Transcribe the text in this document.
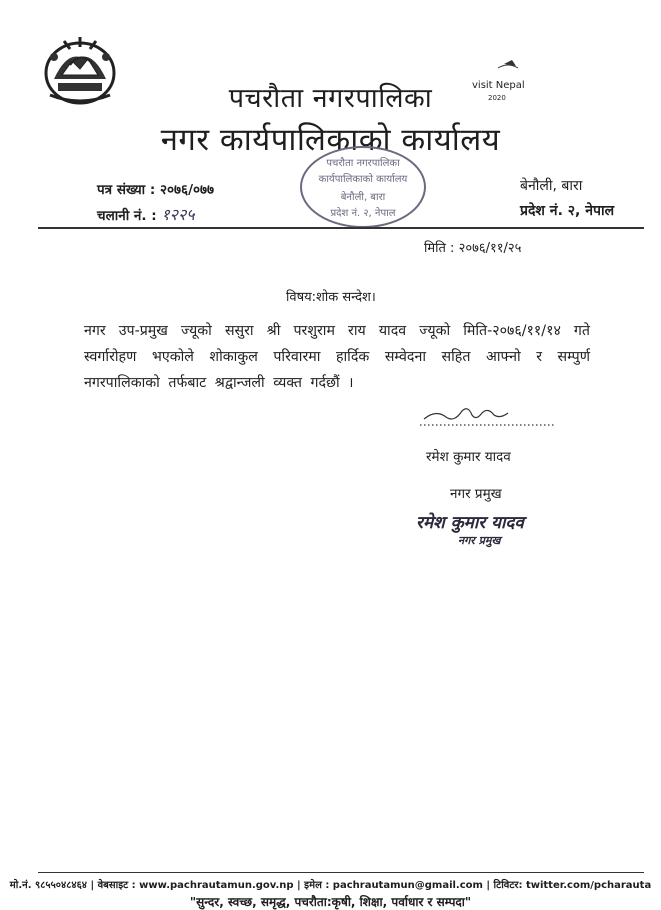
visit Nepal
2020
पचरौता नगरपालिका
नगर कार्यपालिकाको कार्यालय
पचरौता नगरपालिका
कार्यपालिकाको कार्यालय
बेनौली, बारा
प्रदेश नं. २, नेपाल
पत्र संख्या : २०७६/०७७
चलानी नं. : १२२५
बेनौली, बारा
प्रदेश नं. २, नेपाल
मिति : २०७६/११/२५
विषय:शोक सन्देश।
नगर उप-प्रमुख ज्यूको ससुरा श्री परशुराम राय यादव ज्यूको मिति-२०७६/११/१४ गते स्वर्गारोहण भएकोले शोकाकुल परिवारमा हार्दिक सम्वेदना सहित आफ्नो र सम्पुर्ण नगरपालिकाको तर्फबाट श्रद्वान्जली व्यक्त गर्दछौं ।
रमेश कुमार यादव
नगर प्रमुख
रमेश कुमार यादव
नगर प्रमुख
मो.नं. ९८५५०४८४६४ | वेबसाइट : www.pachrautamun.gov.np | इमेल : pachrautamun@gmail.com | टिविटर: twitter.com/pcharauta
"सुन्दर, स्वच्छ, समृद्ध, पचरौता:कृषी, शिक्षा, पर्वाधार र सम्पदा"
